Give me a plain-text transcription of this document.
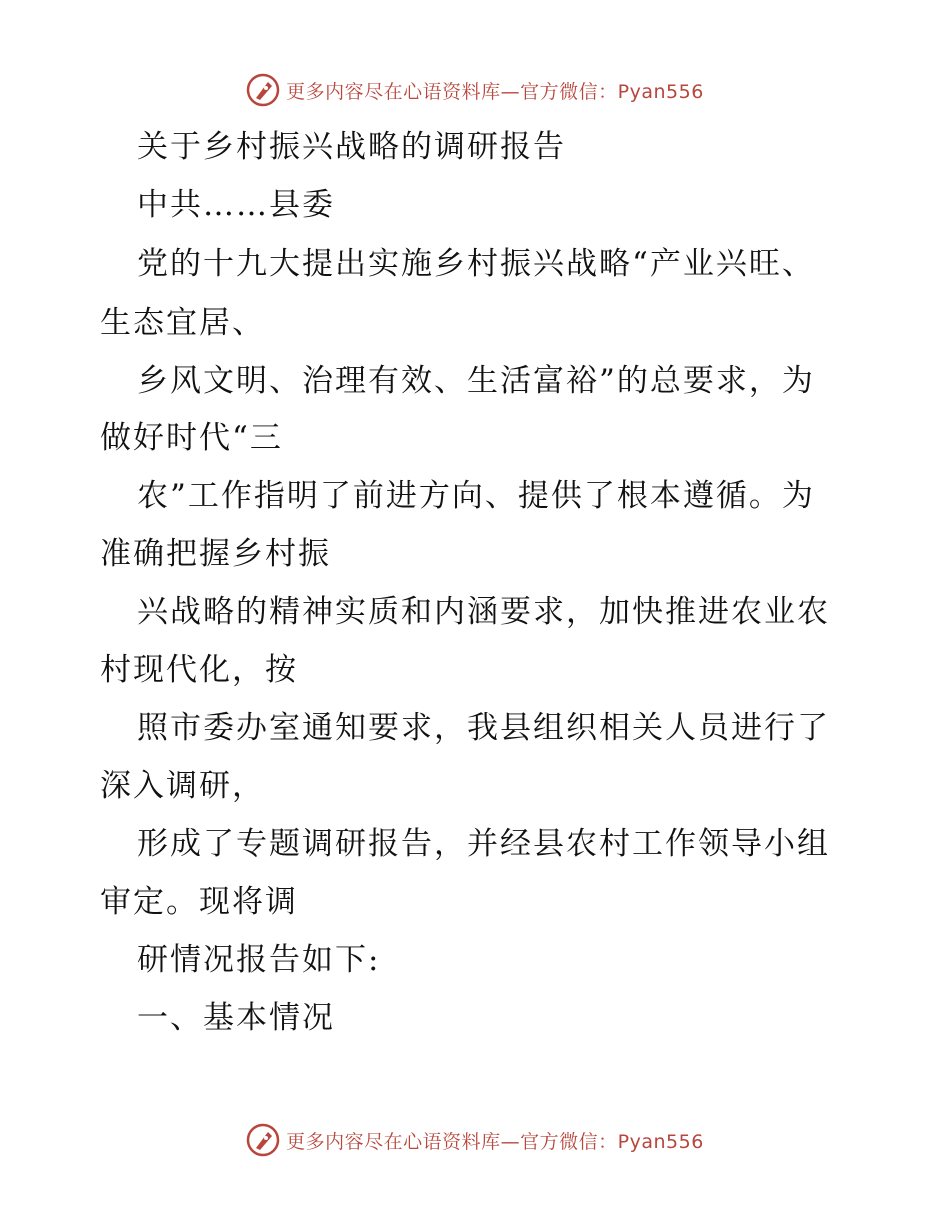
更多内容尽在心语资料库—官方微信：Pyan556
关于乡村振兴战略的调研报告
中共……县委
党的十九大提出实施乡村振兴战略“产业兴旺、
生态宜居、
乡风文明、治理有效、生活富裕”的总要求，为
做好时代“三
农”工作指明了前进方向、提供了根本遵循。为
准确把握乡村振
兴战略的精神实质和内涵要求，加快推进农业农
村现代化，按
照市委办室通知要求，我县组织相关人员进行了
深入调研，
形成了专题调研报告，并经县农村工作领导小组
审定。现将调
研情况报告如下:
一、基本情况
更多内容尽在心语资料库—官方微信：Pyan556
